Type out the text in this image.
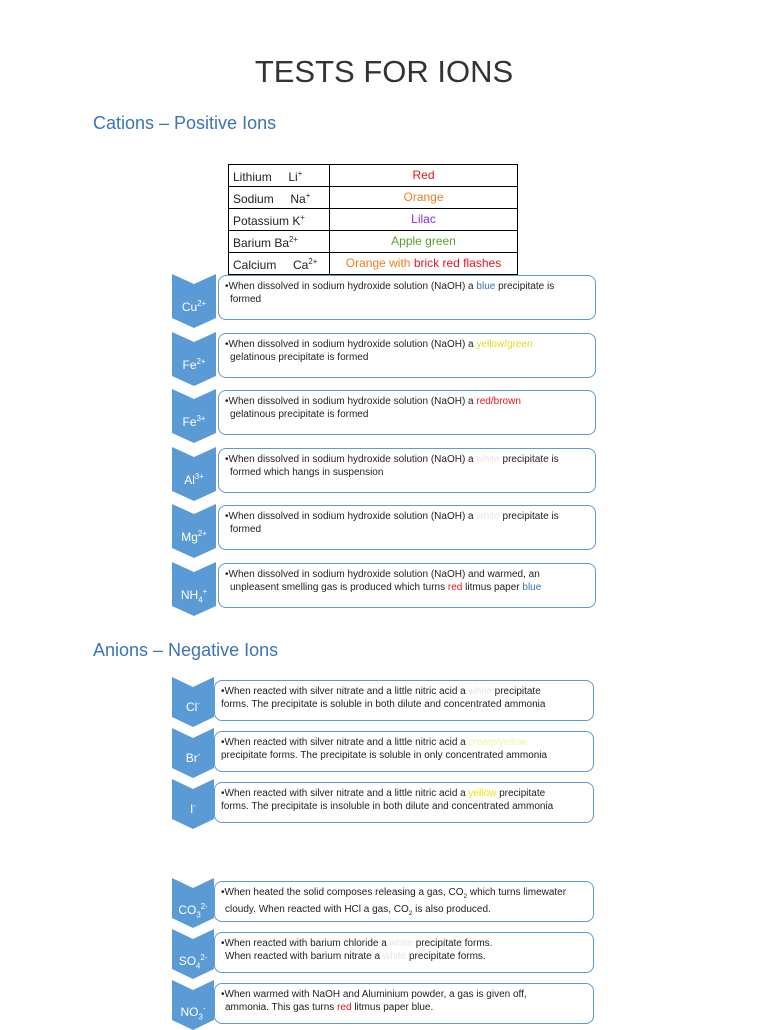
TESTS FOR IONS
Cations – Positive Ions
Lithium     Li+	Red
Sodium     Na+	Orange
Potassium K+	Lilac
Barium $Ba^{2+}$	Apple green
Calcium     $Ca^{2+}$	Orange with brick red flashes
$Cu^{2+}$
•When dissolved in sodium hydroxide solution (NaOH) a blue precipitate is
formed
$Fe^{2+}$
•When dissolved in sodium hydroxide solution (NaOH) a yellow/green
gelatinous precipitate is formed
$Fe^{3+}$
•When dissolved in sodium hydroxide solution (NaOH) a red/brown
gelatinous precipitate is formed
$Al^{3+}$
•When dissolved in sodium hydroxide solution (NaOH) a white precipitate is
formed which hangs in suspension
$Mg^{2+}$
•When dissolved in sodium hydroxide solution (NaOH) a white precipitate is
formed
$NH_4^+$
•When dissolved in sodium hydroxide solution (NaOH) and warmed, an
unpleasent smelling gas is produced which turns red litmus paper blue
Anions – Negative Ions
Cl-
•When reacted with silver nitrate and a little nitric acid a white precipitate
forms. The precipitate is soluble in both dilute and concentrated ammonia
Br-
•When reacted with silver nitrate and a little nitric acid a cream/yellow
precipitate forms. The precipitate is soluble in only concentrated ammonia
I-
•When reacted with silver nitrate and a little nitric acid a yellow precipitate
forms. The precipitate is insoluble in both dilute and concentrated ammonia
$CO_3^{2-}$
•When heated the solid composes releasing a gas, $CO_2$ which turns limewater
cloudy. When reacted with HCl a gas, $CO_2$ is also produced.
$SO_4^{2-}$
•When reacted with barium chloride a white precipitate forms.
When reacted with barium nitrate a white precipitate forms.
$NO_3^-$
•When warmed with NaOH and Aluminium powder, a gas is given off,
ammonia. This gas turns red litmus paper blue.
